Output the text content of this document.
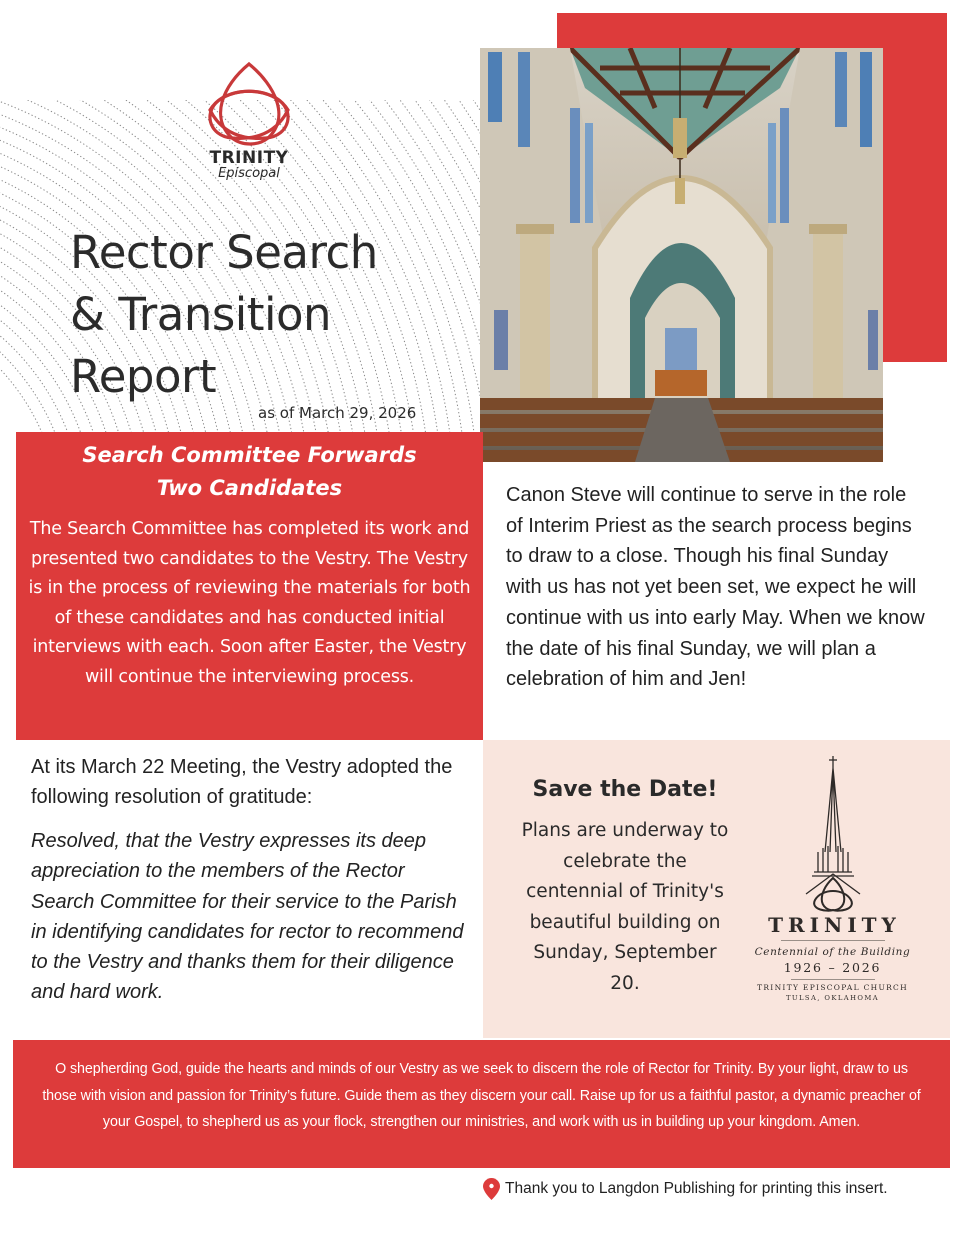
TRINITY
Episcopal
Rector Search
& Transition
Report
as of March 29, 2026
Search Committee Forwards
Two Candidates

The Search Committee has completed its work and presented two candidates to the Vestry. The Vestry is in the process of reviewing the materials for both of these candidates and has conducted initial interviews with each. Soon after Easter, the Vestry will continue the interviewing process.

Canon Steve will continue to serve in the role of Interim Priest as the search process begins to draw to a close. Though his final Sunday with us has not yet been set, we expect he will continue with us into early May. When we know the date of his final Sunday, we will plan a celebration of him and Jen!

At its March 22 Meeting, the Vestry adopted the following resolution of gratitude:

Resolved, that the Vestry expresses its deep appreciation to the members of the Rector Search Committee for their service to the Parish in identifying candidates for rector to recommend to the Vestry and thanks them for their diligence and hard work.

Save the Date!

Plans are underway to celebrate the centennial of Trinity's beautiful building on Sunday, September 20.

TRINITY
Centennial of the Building
1926 – 2026
TRINITY EPISCOPAL CHURCH
TULSA, OKLAHOMA

O shepherding God, guide the hearts and minds of our Vestry as we seek to discern the role of Rector for Trinity. By your light, draw to us those with vision and passion for Trinity’s future. Guide them as they discern your call. Raise up for us a faithful pastor, a dynamic preacher of your Gospel, to shepherd us as your flock, strengthen our ministries, and work with us in building up your kingdom. Amen.

Thank you to Langdon Publishing for printing this insert.
